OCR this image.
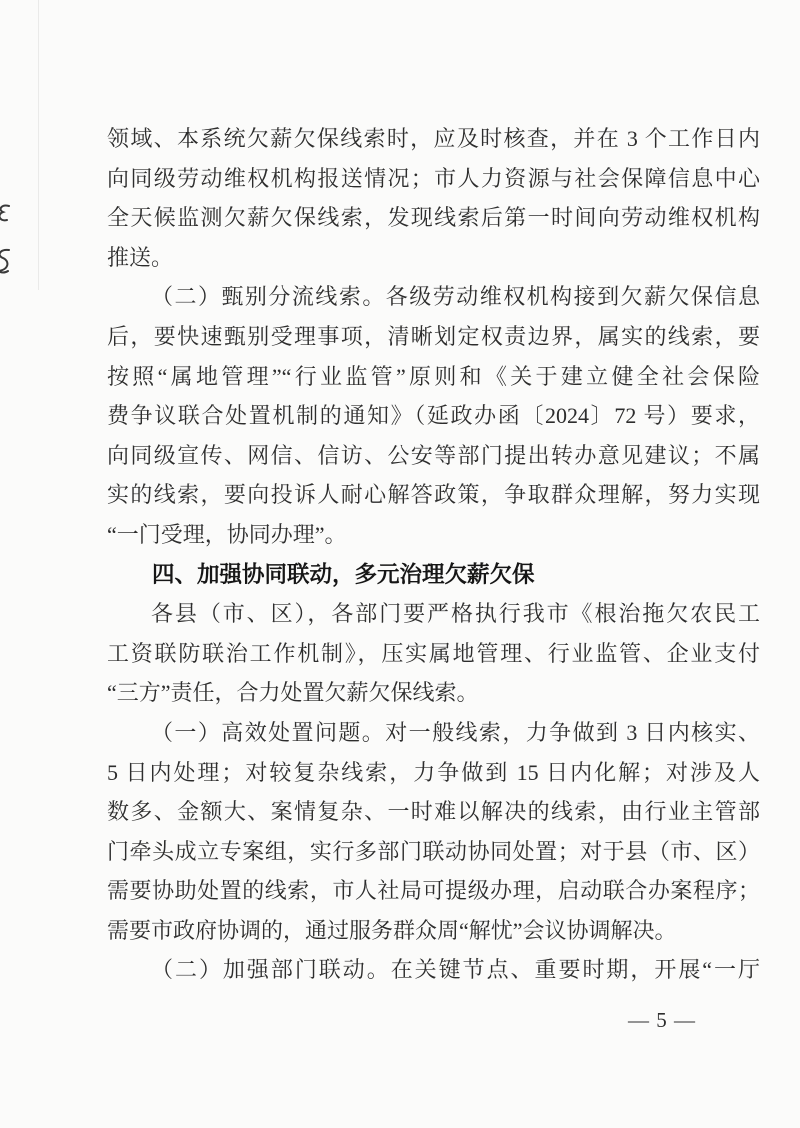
领域、本系统欠薪欠保线索时，应及时核查，并在 3 个工作日内
向同级劳动维权机构报送情况；市人力资源与社会保障信息中心
全天候监测欠薪欠保线索，发现线索后第一时间向劳动维权机构
推送。
（二）甄别分流线索。各级劳动维权机构接到欠薪欠保信息
后，要快速甄别受理事项，清晰划定权责边界，属实的线索，要
按照“属地管理”“行业监管”原则和《关于建立健全社会保险
费争议联合处置机制的通知》（延政办函〔2024〕72 号）要求，
向同级宣传、网信、信访、公安等部门提出转办意见建议；不属
实的线索，要向投诉人耐心解答政策，争取群众理解，努力实现
“一门受理，协同办理”。
四、加强协同联动，多元治理欠薪欠保
各县（市、区），各部门要严格执行我市《根治拖欠农民工
工资联防联治工作机制》，压实属地管理、行业监管、企业支付
“三方”责任，合力处置欠薪欠保线索。
（一）高效处置问题。对一般线索，力争做到 3 日内核实、
5 日内处理；对较复杂线索，力争做到 15 日内化解；对涉及人
数多、金额大、案情复杂、一时难以解决的线索，由行业主管部
门牵头成立专案组，实行多部门联动协同处置；对于县（市、区）
需要协助处置的线索，市人社局可提级办理，启动联合办案程序；
需要市政府协调的，通过服务群众周“解忧”会议协调解决。
（二）加强部门联动。在关键节点、重要时期，开展“一厅
— 5 —
